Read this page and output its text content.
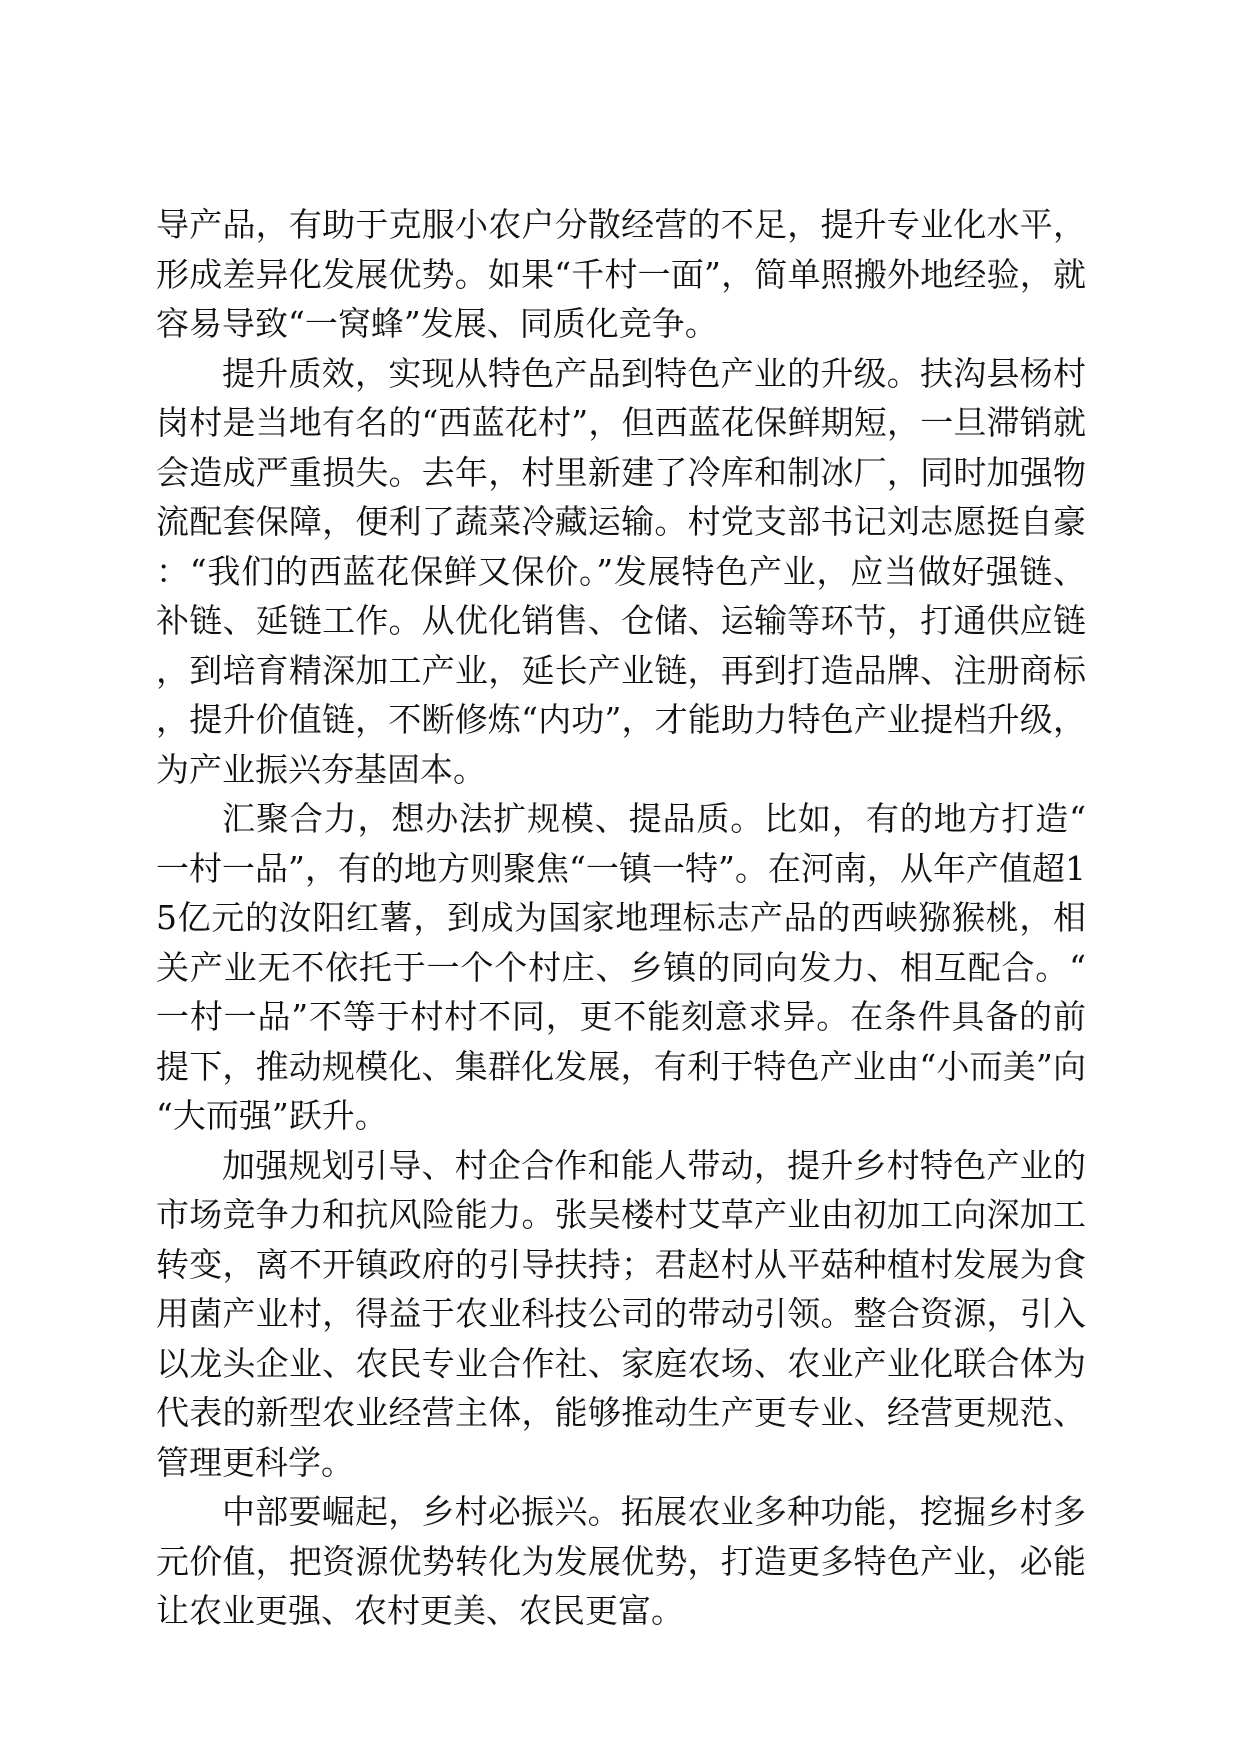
导产品，有助于克服小农户分散经营的不足，提升专业化水平，形成差异化发展优势。如果“千村一面”，简单照搬外地经验，就容易导致“一窝蜂”发展、同质化竞争。

提升质效，实现从特色产品到特色产业的升级。扶沟县杨村岗村是当地有名的“西蓝花村”，但西蓝花保鲜期短，一旦滞销就会造成严重损失。去年，村里新建了冷库和制冰厂，同时加强物流配套保障，便利了蔬菜冷藏运输。村党支部书记刘志愿挺自豪：“我们的西蓝花保鲜又保价。”发展特色产业，应当做好强链、补链、延链工作。从优化销售、仓储、运输等环节，打通供应链，到培育精深加工产业，延长产业链，再到打造品牌、注册商标，提升价值链，不断修炼“内功”，才能助力特色产业提档升级，为产业振兴夯基固本。

汇聚合力，想办法扩规模、提品质。比如，有的地方打造“一村一品”，有的地方则聚焦“一镇一特”。在河南，从年产值超15亿元的汝阳红薯，到成为国家地理标志产品的西峡猕猴桃，相关产业无不依托于一个个村庄、乡镇的同向发力、相互配合。“一村一品”不等于村村不同，更不能刻意求异。在条件具备的前提下，推动规模化、集群化发展，有利于特色产业由“小而美”向“大而强”跃升。

加强规划引导、村企合作和能人带动，提升乡村特色产业的市场竞争力和抗风险能力。张吴楼村艾草产业由初加工向深加工转变，离不开镇政府的引导扶持；君赵村从平菇种植村发展为食用菌产业村，得益于农业科技公司的带动引领。整合资源，引入以龙头企业、农民专业合作社、家庭农场、农业产业化联合体为代表的新型农业经营主体，能够推动生产更专业、经营更规范、管理更科学。

中部要崛起，乡村必振兴。拓展农业多种功能，挖掘乡村多元价值，把资源优势转化为发展优势，打造更多特色产业，必能让农业更强、农村更美、农民更富。
